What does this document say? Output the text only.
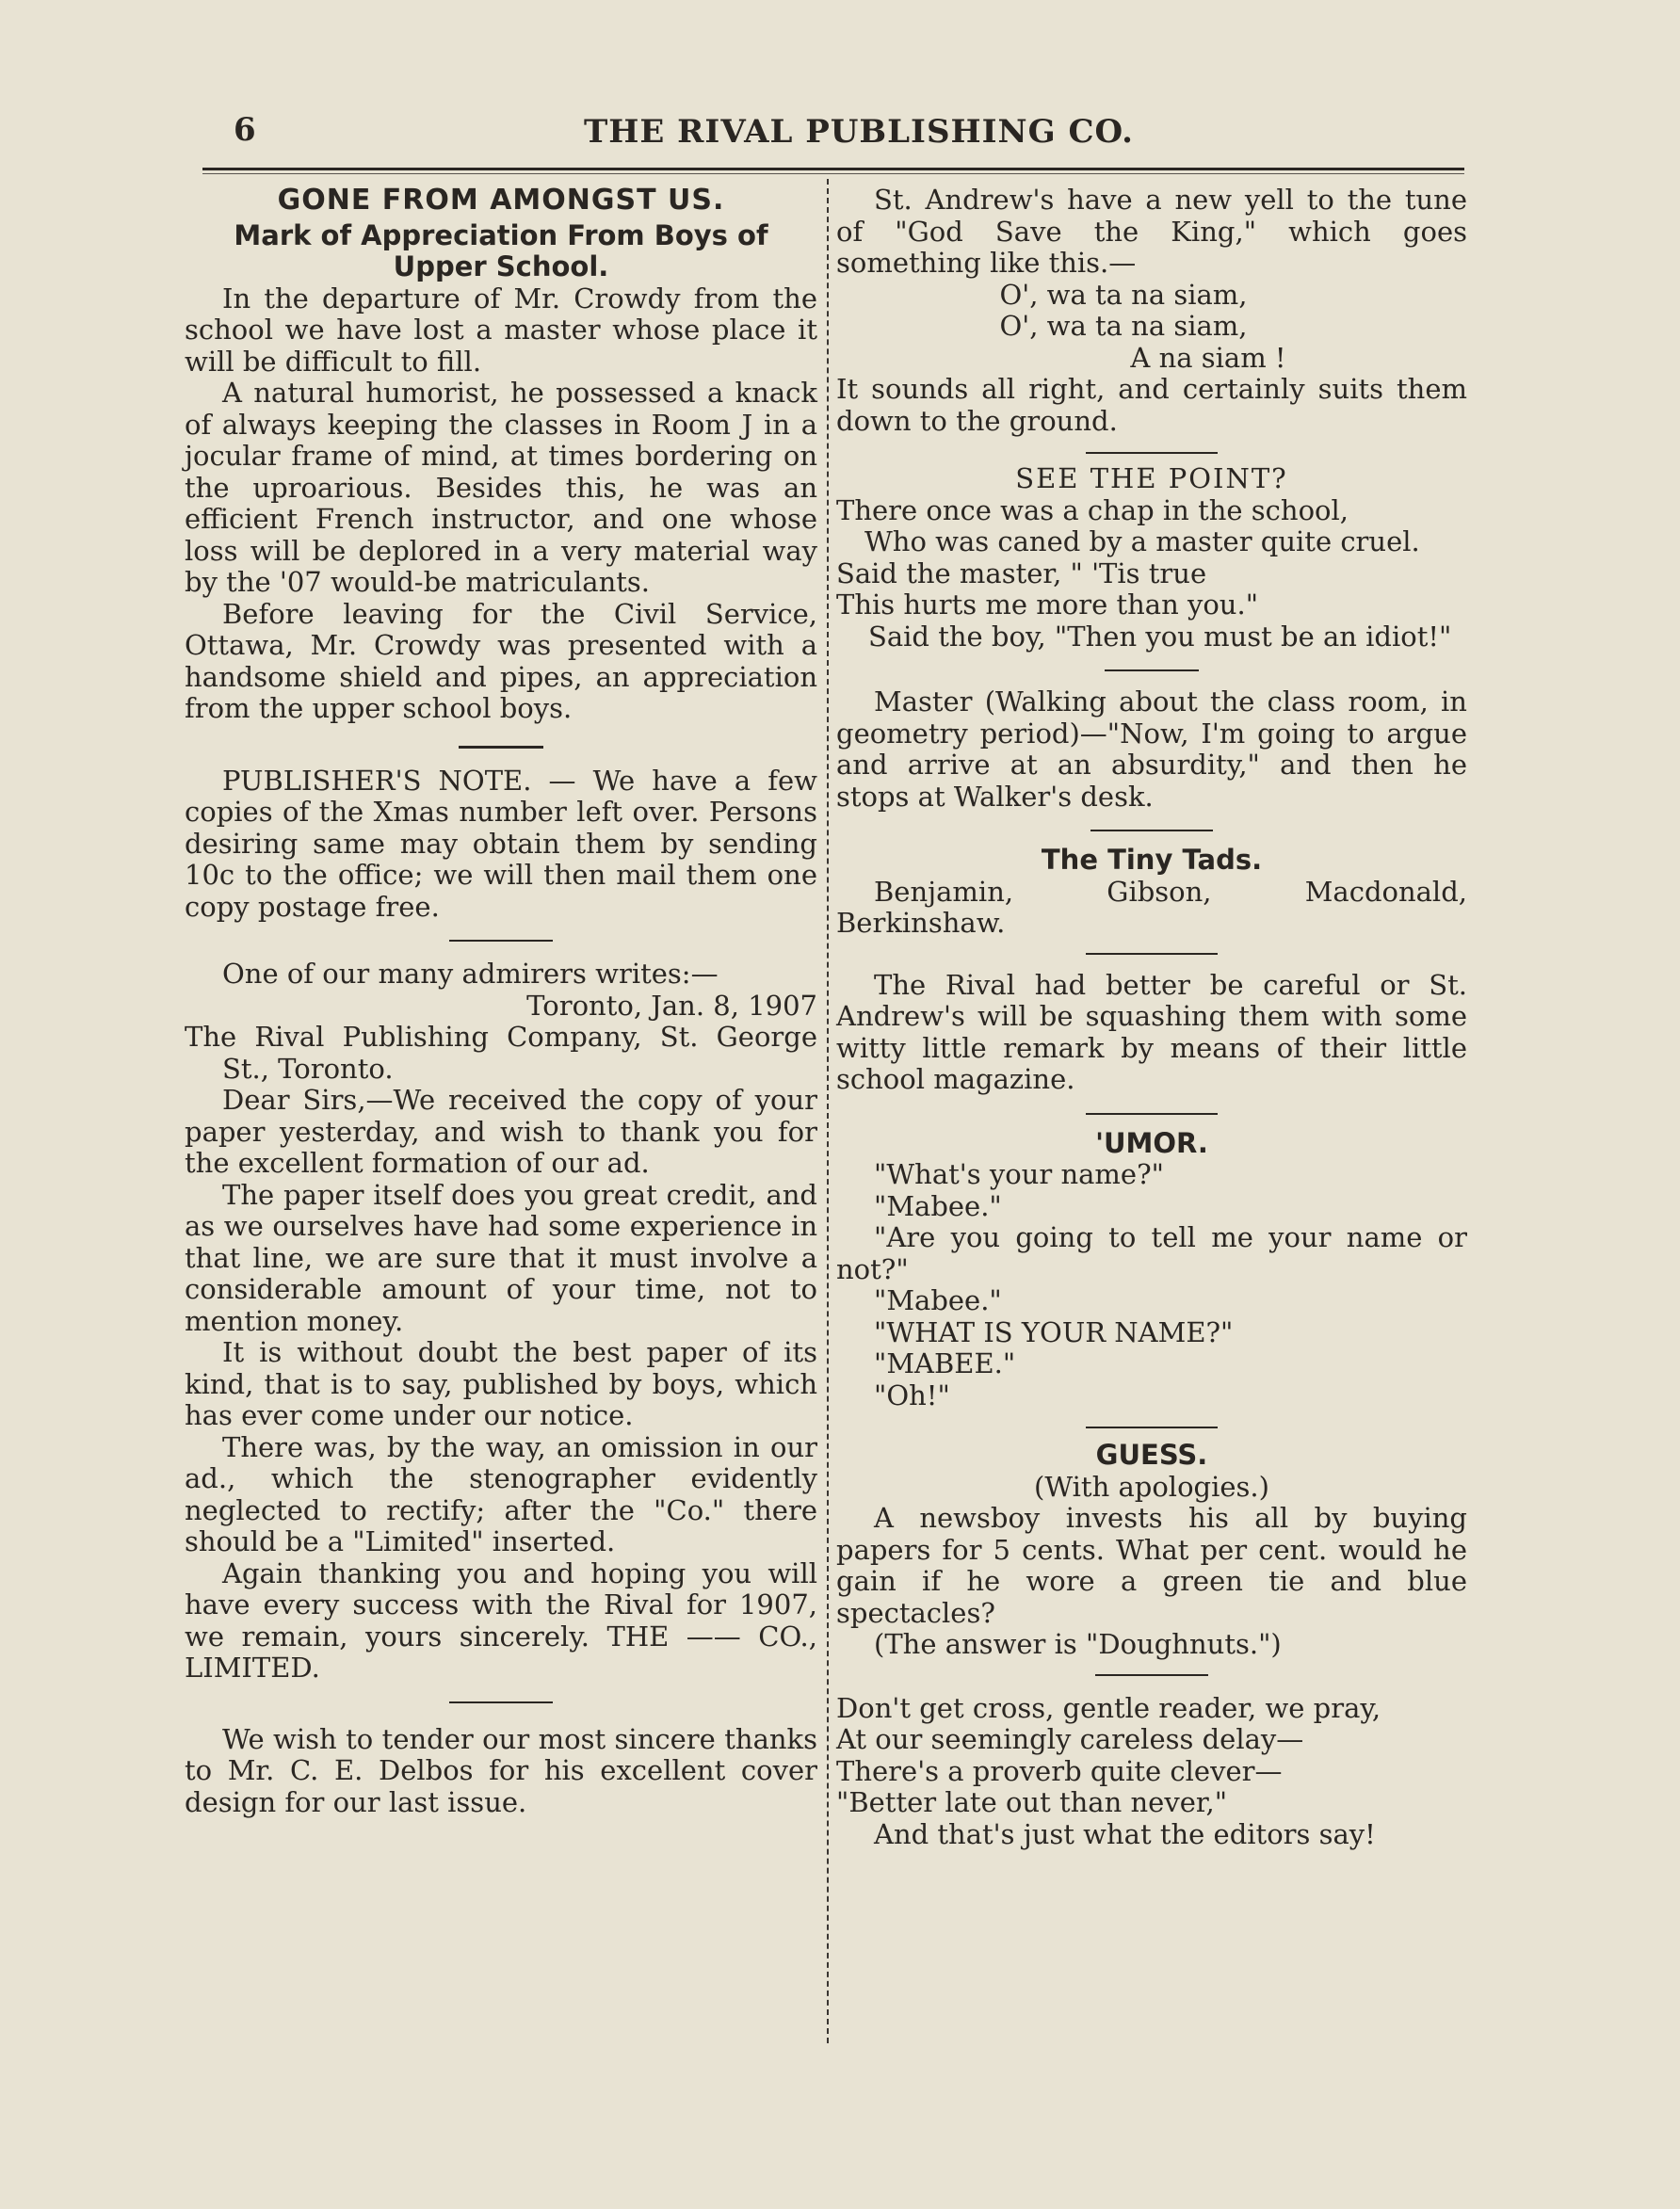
6	THE RIVAL PUBLISHING CO.

GONE FROM AMONGST US.

Mark of Appreciation From Boys of Upper School.

In the departure of Mr. Crowdy from the school we have lost a master whose place it will be difficult to fill.

A natural humorist, he possessed a knack of always keeping the classes in Room J in a jocular frame of mind, at times bordering on the uproarious. Besides this, he was an efficient French instructor, and one whose loss will be deplored in a very material way by the '07 would-be matriculants.

Before leaving for the Civil Service, Ottawa, Mr. Crowdy was presented with a handsome shield and pipes, an appreciation from the upper school boys.

PUBLISHER'S NOTE. — We have a few copies of the Xmas number left over. Persons desiring same may obtain them by sending 10c to the office; we will then mail them one copy postage free.

One of our many admirers writes:—

Toronto, Jan. 8, 1907

The Rival Publishing Company, St. George St., Toronto.

Dear Sirs,—We received the copy of your paper yesterday, and wish to thank you for the excellent formation of our ad.

The paper itself does you great credit, and as we ourselves have had some experience in that line, we are sure that it must involve a considerable amount of your time, not to mention money.

It is without doubt the best paper of its kind, that is to say, published by boys, which has ever come under our notice.

There was, by the way, an omission in our ad., which the stenographer evidently neglected to rectify; after the "Co." there should be a "Limited" inserted.

Again thanking you and hoping you will have every success with the Rival for 1907, we remain, yours sincerely. THE —— CO., LIMITED.

We wish to tender our most sincere thanks to Mr. C. E. Delbos for his excellent cover design for our last issue.

St. Andrew's have a new yell to the tune of "God Save the King," which goes something like this.—

O', wa ta na siam,

O', wa ta na siam,

A na siam !

It sounds all right, and certainly suits them down to the ground.

SEE THE POINT?

There once was a chap in the school,

Who was caned by a master quite cruel.

Said the master, " 'Tis true

This hurts me more than you."

Said the boy, "Then you must be an idiot!"

Master (Walking about the class room, in geometry period)—"Now, I'm going to argue and arrive at an absurdity," and then he stops at Walker's desk.

The Tiny Tads.

Benjamin, Gibson, Macdonald, Berkinshaw.

The Rival had better be careful or St. Andrew's will be squashing them with some witty little remark by means of their little school magazine.

'UMOR.

"What's your name?"

"Mabee."

"Are you going to tell me your name or not?"

"Mabee."

"WHAT IS YOUR NAME?"

"MABEE."

"Oh!"

GUESS.

(With apologies.)

A newsboy invests his all by buying papers for 5 cents. What per cent. would he gain if he wore a green tie and blue spectacles?

(The answer is "Doughnuts.")

Don't get cross, gentle reader, we pray,

At our seemingly careless delay—

There's a proverb quite clever—

"Better late out than never,"

And that's just what the editors say!
